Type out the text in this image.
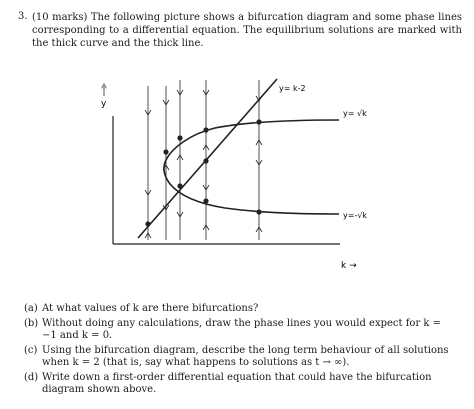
3. (10 marks) The following picture shows a bifurcation diagram and some phase lines corresponding to a differential equation. The equilibrium solutions are marked with the thick curve and the thick line.
y
k →
y= k-2
y= √k
y=-√k
(a) At what values of k are there bifurcations?
(b) Without doing any calculations, draw the phase lines you would expect for k = −1 and k = 0.
(c) Using the bifurcation diagram, describe the long term behaviour of all solutions when k = 2 (that is, say what happens to solutions as t → ∞).
(d) Write down a first-order differential equation that could have the bifurcation diagram shown above.
